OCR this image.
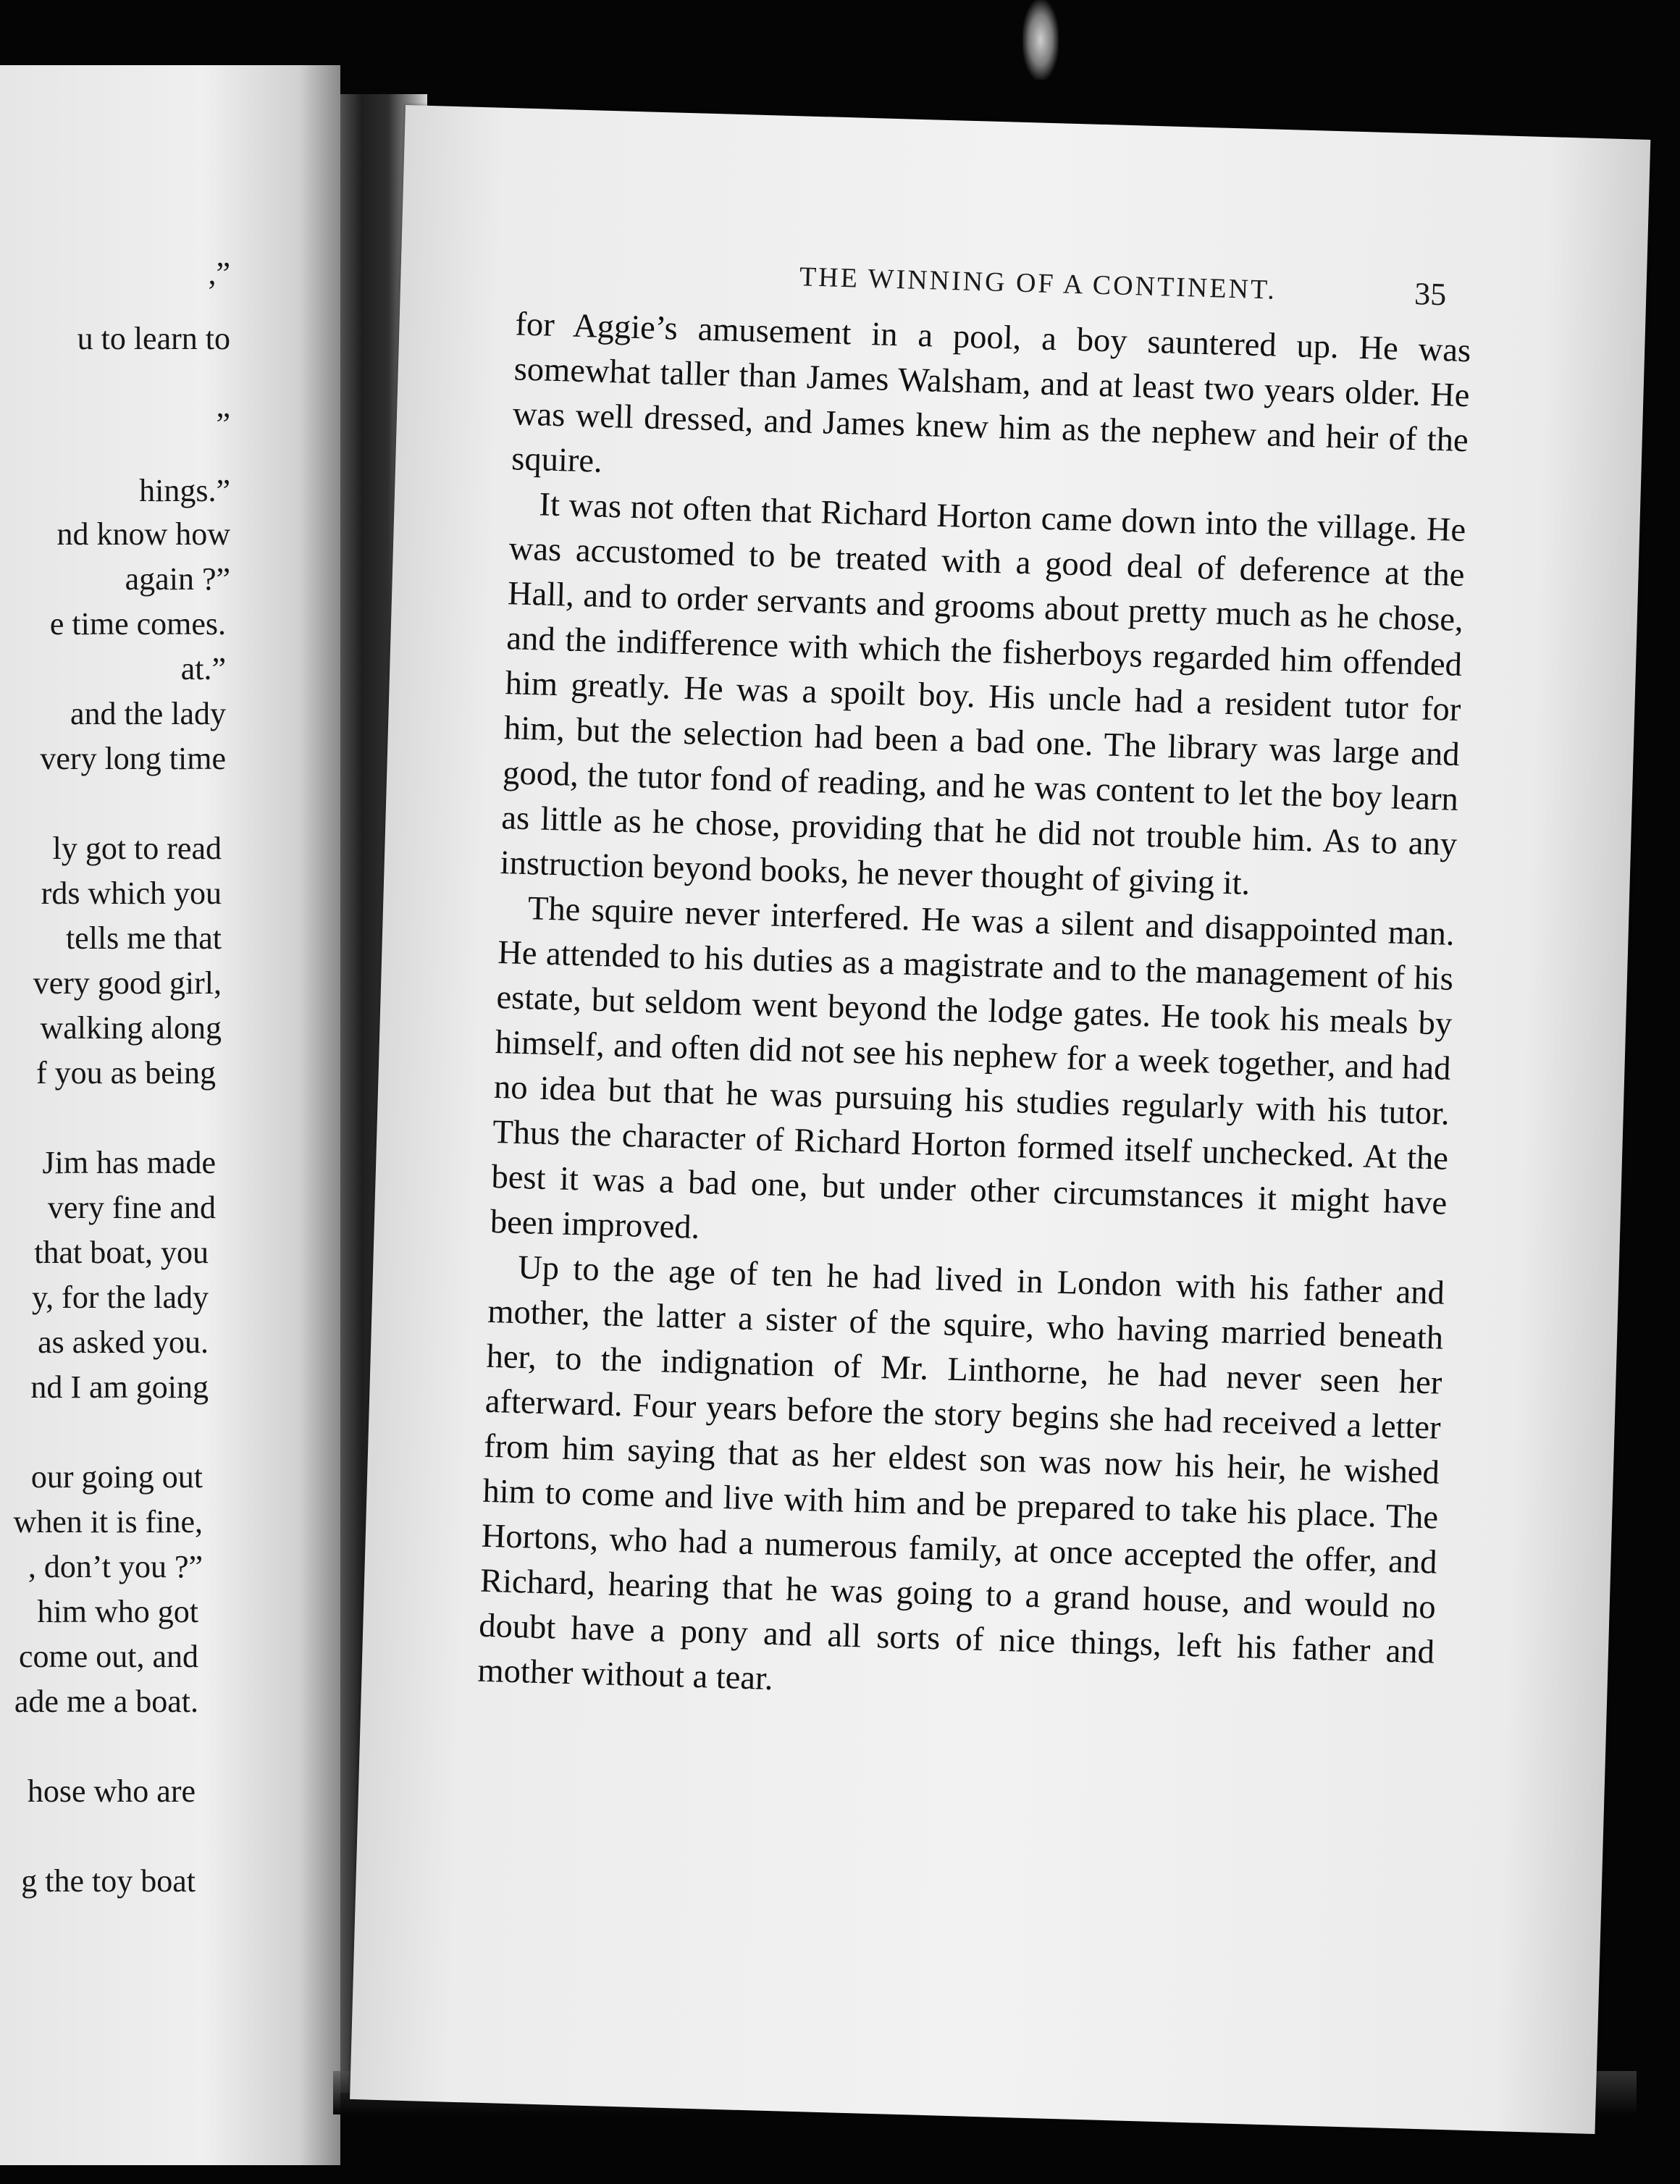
,”
u to learn to
”
hings.”
nd know how
again ?”
e time comes.
at.”
and the lady
very long time
ly got to read
rds which you
tells me that
very good girl,
walking along
f you as being
Jim has made
very fine and
that boat, you
y, for the lady
as asked you.
nd I am going
our going out
when it is fine,
, don’t you ?”
him who got
come out, and
ade me a boat.
hose who are
g the toy boat
THE WINNING OF A CONTINENT.	35

for Aggie’s amusement in a pool, a boy sauntered up. He was somewhat taller than James Walsham, and at least two years older. He was well dressed, and James knew him as the nephew and heir of the squire.

It was not often that Richard Horton came down into the village. He was accustomed to be treated with a good deal of deference at the Hall, and to order servants and grooms about pretty much as he chose, and the indifference with which the fisherboys regarded him offended him greatly. He was a spoilt boy. His uncle had a resident tutor for him, but the selection had been a bad one. The library was large and good, the tutor fond of reading, and he was content to let the boy learn as little as he chose, providing that he did not trouble him. As to any instruction beyond books, he never thought of giving it.

The squire never interfered. He was a silent and disappointed man. He attended to his duties as a magistrate and to the management of his estate, but seldom went beyond the lodge gates. He took his meals by himself, and often did not see his nephew for a week together, and had no idea but that he was pursuing his studies regularly with his tutor. Thus the character of Richard Horton formed itself unchecked. At the best it was a bad one, but under other circumstances it might have been improved.

Up to the age of ten he had lived in London with his father and mother, the latter a sister of the squire, who having married beneath her, to the indignation of Mr. Linthorne, he had never seen her afterward. Four years before the story begins she had received a letter from him saying that as her eldest son was now his heir, he wished him to come and live with him and be prepared to take his place. The Hortons, who had a numerous family, at once accepted the offer, and Richard, hearing that he was going to a grand house, and would no doubt have a pony and all sorts of nice things, left his father and mother without a tear.
